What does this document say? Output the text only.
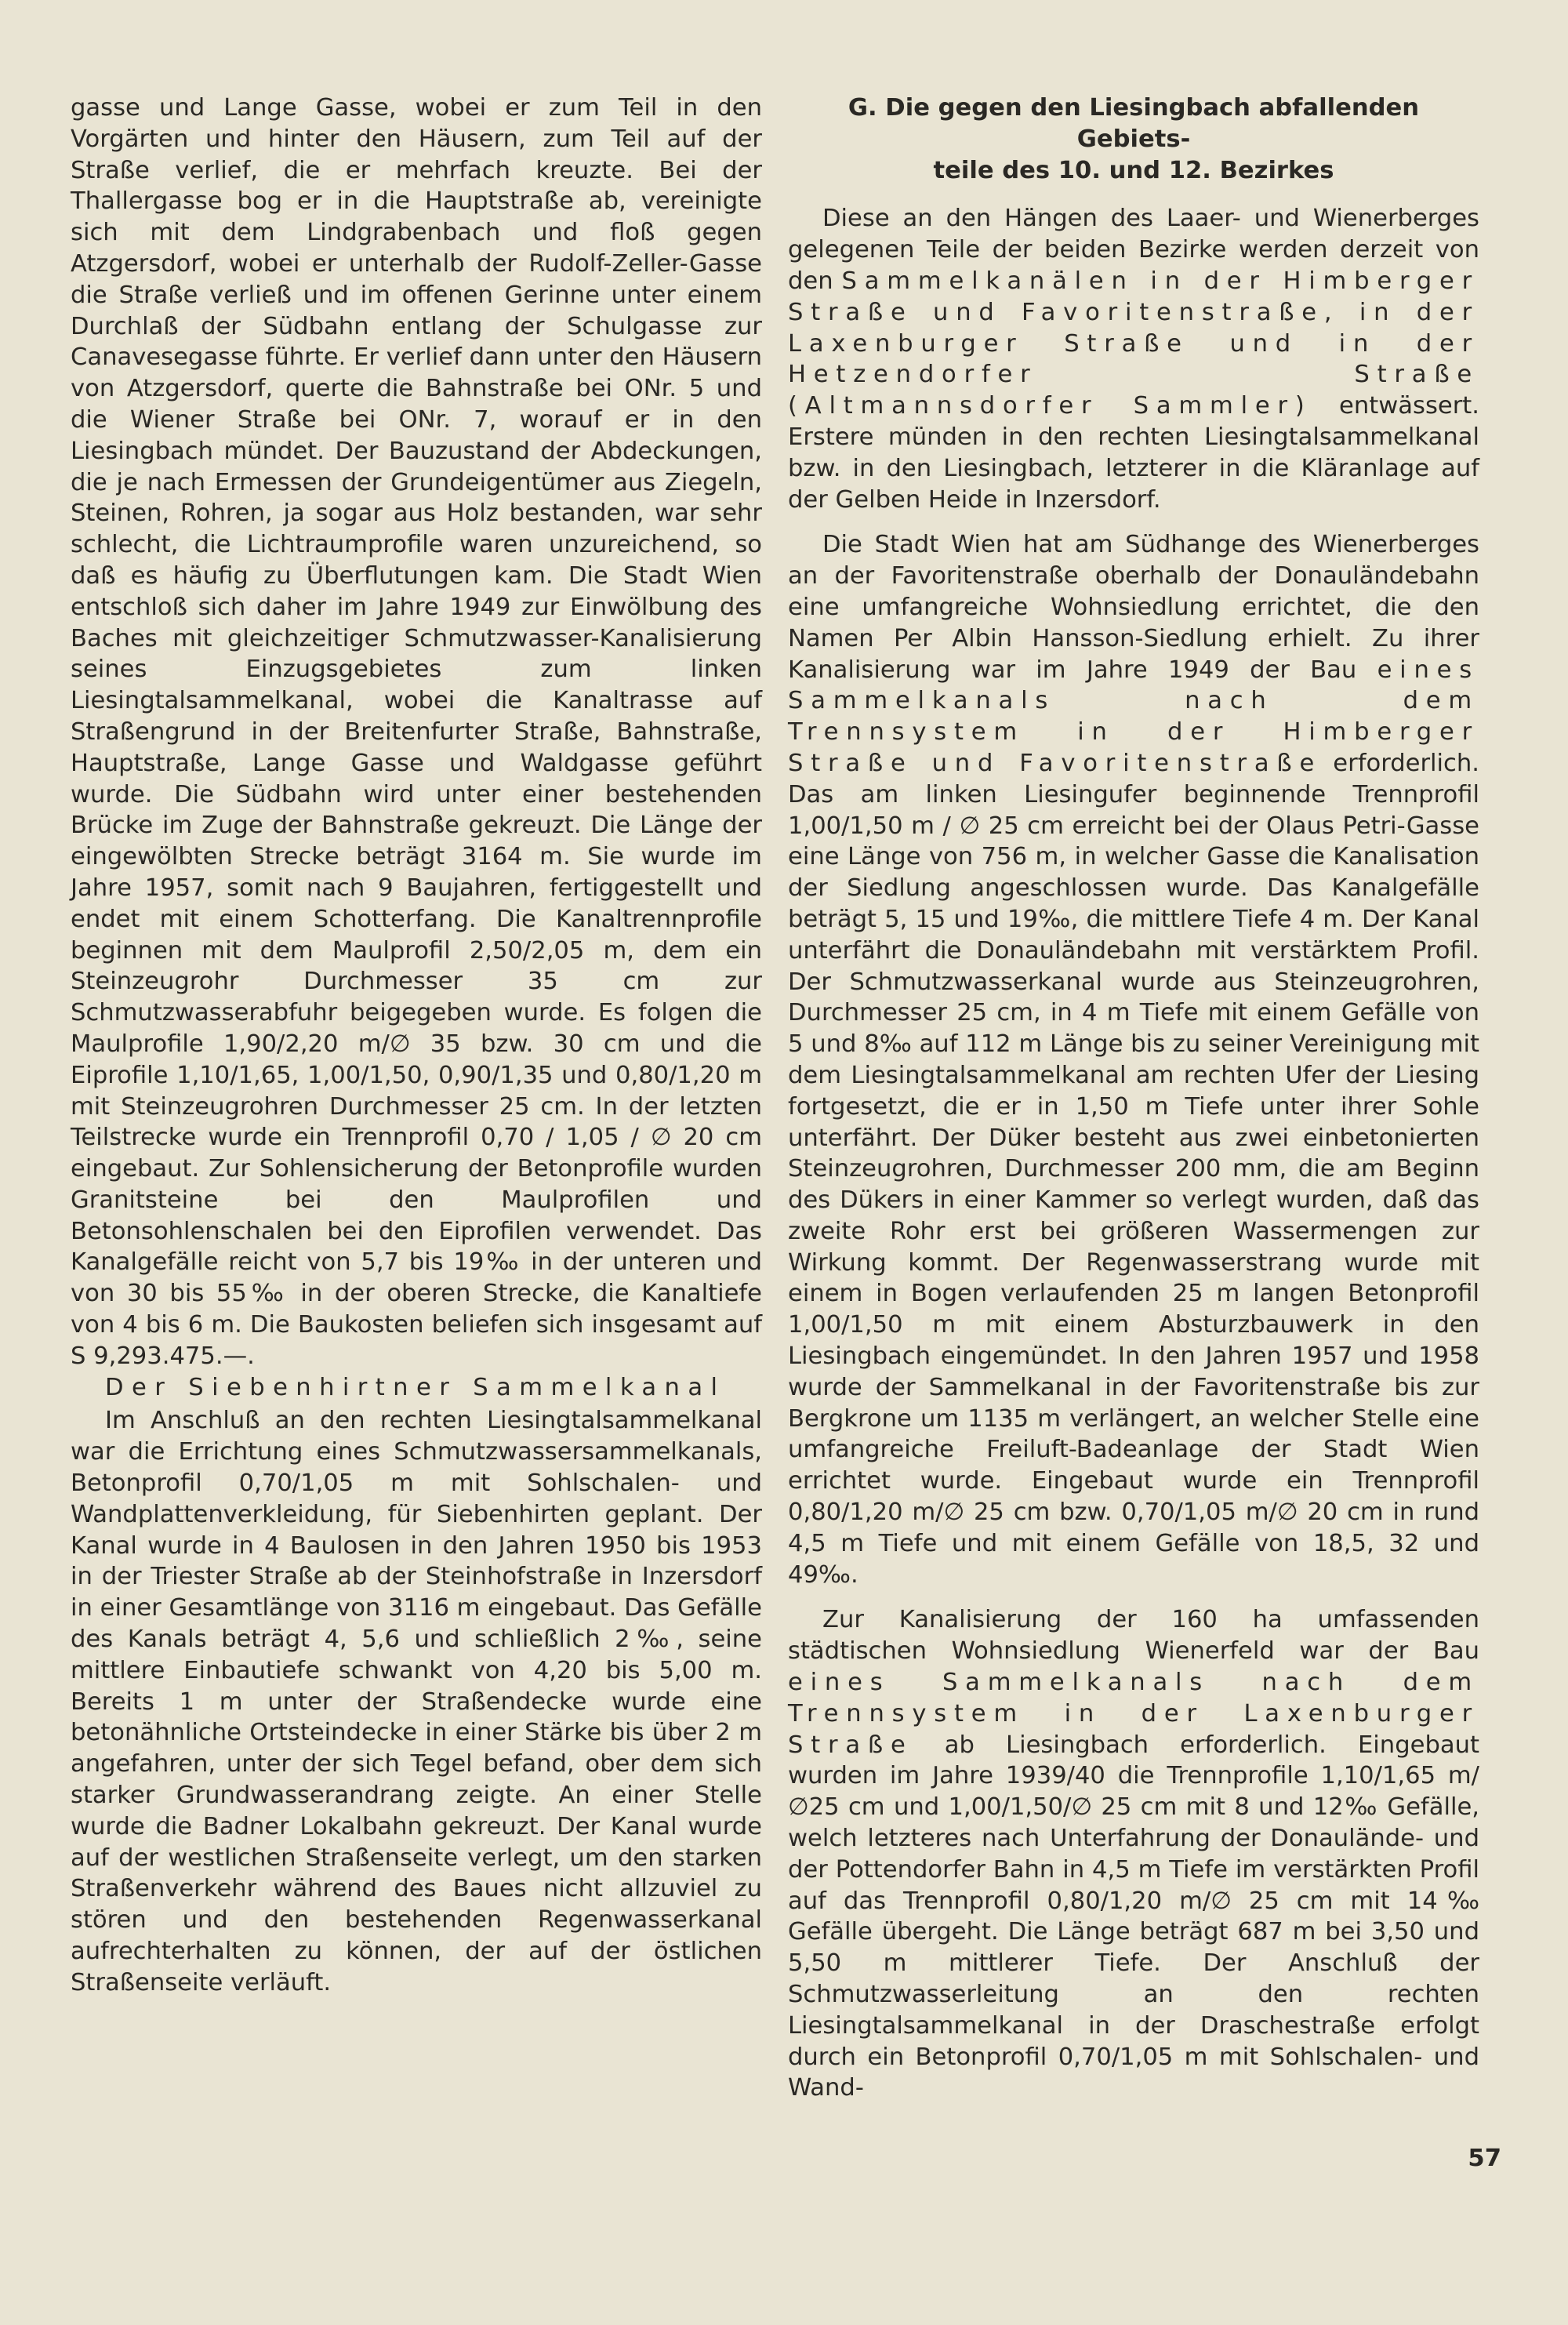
gasse und Lange Gasse, wobei er zum Teil in den Vorgärten und hinter den Häusern, zum Teil auf der Straße verlief, die er mehrfach kreuzte. Bei der Thallergasse bog er in die Hauptstraße ab, vereinigte sich mit dem Lindgrabenbach und floß gegen Atzgersdorf, wobei er unterhalb der Rudolf-Zeller-Gasse die Straße verließ und im offenen Gerinne unter einem Durchlaß der Südbahn entlang der Schulgasse zur Canavesegasse führte. Er verlief dann unter den Häusern von Atzgersdorf, querte die Bahnstraße bei ONr. 5 und die Wiener Straße bei ONr. 7, worauf er in den Liesingbach mündet. Der Bauzustand der Abdeckungen, die je nach Ermessen der Grundeigentümer aus Ziegeln, Steinen, Rohren, ja sogar aus Holz bestanden, war sehr schlecht, die Lichtraumprofile waren unzureichend, so daß es häufig zu Überflutungen kam. Die Stadt Wien entschloß sich daher im Jahre 1949 zur Einwölbung des Baches mit gleichzeitiger Schmutzwasser-Kanalisierung seines Einzugsgebietes zum linken Liesingtalsammelkanal, wobei die Kanaltrasse auf Straßengrund in der Breitenfurter Straße, Bahnstraße, Hauptstraße, Lange Gasse und Waldgasse geführt wurde. Die Südbahn wird unter einer bestehenden Brücke im Zuge der Bahnstraße gekreuzt. Die Länge der eingewölbten Strecke beträgt 3164 m. Sie wurde im Jahre 1957, somit nach 9 Baujahren, fertiggestellt und endet mit einem Schotterfang. Die Kanaltrennprofile beginnen mit dem Maulprofil 2,50/2,05 m, dem ein Steinzeugrohr Durchmesser 35 cm zur Schmutzwasserabfuhr beigegeben wurde. Es folgen die Maulprofile 1,90/2,20 m/∅ 35 bzw. 30 cm und die Eiprofile 1,10/1,65, 1,00/1,50, 0,90/1,35 und 0,80/1,20 m mit Steinzeugrohren Durchmesser 25 cm. In der letzten Teilstrecke wurde ein Trennprofil 0,70 / 1,05 / ∅ 20 cm eingebaut. Zur Sohlensicherung der Betonprofile wurden Granitsteine bei den Maulprofilen und Betonsohlenschalen bei den Eiprofilen verwendet. Das Kanalgefälle reicht von 5,7 bis 19‰ in der unteren und von 30 bis 55‰ in der oberen Strecke, die Kanaltiefe von 4 bis 6 m. Die Baukosten beliefen sich insgesamt auf S 9,293.475.—.

Der Siebenhirtner Sammelkanal

Im Anschluß an den rechten Liesingtalsammelkanal war die Errichtung eines Schmutzwassersammelkanals, Betonprofil 0,70/1,05 m mit Sohlschalen- und Wandplattenverkleidung, für Siebenhirten geplant. Der Kanal wurde in 4 Baulosen in den Jahren 1950 bis 1953 in der Triester Straße ab der Steinhofstraße in Inzersdorf in einer Gesamtlänge von 3116 m eingebaut. Das Gefälle des Kanals beträgt 4, 5,6 und schließlich 2‰, seine mittlere Einbautiefe schwankt von 4,20 bis 5,00 m. Bereits 1 m unter der Straßendecke wurde eine betonähnliche Ortsteindecke in einer Stärke bis über 2 m angefahren, unter der sich Tegel befand, ober dem sich starker Grundwasserandrang zeigte. An einer Stelle wurde die Badner Lokalbahn gekreuzt. Der Kanal wurde auf der westlichen Straßenseite verlegt, um den starken Straßenverkehr während des Baues nicht allzuviel zu stören und den bestehenden Regenwasserkanal aufrechterhalten zu können, der auf der östlichen Straßenseite verläuft.

G. Die gegen den Liesingbach abfallenden Gebiets-
teile des 10. und 12. Bezirkes

Diese an den Hängen des Laaer- und Wienerberges gelegenen Teile der beiden Bezirke werden derzeit von den Sammelkanälen in der Himberger Straße und Favoritenstraße, in der Laxenburger Straße und in der Hetzendorfer Straße (Altmannsdorfer Sammler) entwässert. Erstere münden in den rechten Liesingtalsammelkanal bzw. in den Liesingbach, letzterer in die Kläranlage auf der Gelben Heide in Inzersdorf.

Die Stadt Wien hat am Südhange des Wienerberges an der Favoritenstraße oberhalb der Donauländebahn eine umfangreiche Wohnsiedlung errichtet, die den Namen Per Albin Hansson-Siedlung erhielt. Zu ihrer Kanalisierung war im Jahre 1949 der Bau eines Sammelkanals nach dem Trennsystem in der Himberger Straße und Favoritenstraße erforderlich. Das am linken Liesingufer beginnende Trennprofil 1,00/1,50 m / ∅ 25 cm erreicht bei der Olaus Petri-Gasse eine Länge von 756 m, in welcher Gasse die Kanalisation der Siedlung angeschlossen wurde. Das Kanalgefälle beträgt 5, 15 und 19‰, die mittlere Tiefe 4 m. Der Kanal unterfährt die Donauländebahn mit verstärktem Profil. Der Schmutzwasserkanal wurde aus Steinzeugrohren, Durchmesser 25 cm, in 4 m Tiefe mit einem Gefälle von 5 und 8‰ auf 112 m Länge bis zu seiner Vereinigung mit dem Liesingtalsammelkanal am rechten Ufer der Liesing fortgesetzt, die er in 1,50 m Tiefe unter ihrer Sohle unterfährt. Der Düker besteht aus zwei einbetonierten Steinzeugrohren, Durchmesser 200 mm, die am Beginn des Dükers in einer Kammer so verlegt wurden, daß das zweite Rohr erst bei größeren Wassermengen zur Wirkung kommt. Der Regenwasserstrang wurde mit einem in Bogen verlaufenden 25 m langen Betonprofil 1,00/1,50 m mit einem Absturzbauwerk in den Liesingbach eingemündet. In den Jahren 1957 und 1958 wurde der Sammelkanal in der Favoritenstraße bis zur Bergkrone um 1135 m verlängert, an welcher Stelle eine umfangreiche Freiluft-Badeanlage der Stadt Wien errichtet wurde. Eingebaut wurde ein Trennprofil 0,80/1,20 m/∅ 25 cm bzw. 0,70/1,05 m/∅ 20 cm in rund 4,5 m Tiefe und mit einem Gefälle von 18,5, 32 und 49‰.

Zur Kanalisierung der 160 ha umfassenden städtischen Wohnsiedlung Wienerfeld war der Bau eines Sammelkanals nach dem Trennsystem in der Laxenburger Straße ab Liesingbach erforderlich. Eingebaut wurden im Jahre 1939/40 die Trennprofile 1,10/1,65 m/∅25 cm und 1,00/1,50/∅ 25 cm mit 8 und 12‰ Gefälle, welch letzteres nach Unterfahrung der Donaulände- und der Pottendorfer Bahn in 4,5 m Tiefe im verstärkten Profil auf das Trennprofil 0,80/1,20 m/∅ 25 cm mit 14‰ Gefälle übergeht. Die Länge beträgt 687 m bei 3,50 und 5,50 m mittlerer Tiefe. Der Anschluß der Schmutzwasserleitung an den rechten Liesingtalsammelkanal in der Draschestraße erfolgt durch ein Betonprofil 0,70/1,05 m mit Sohlschalen- und Wand-

57
